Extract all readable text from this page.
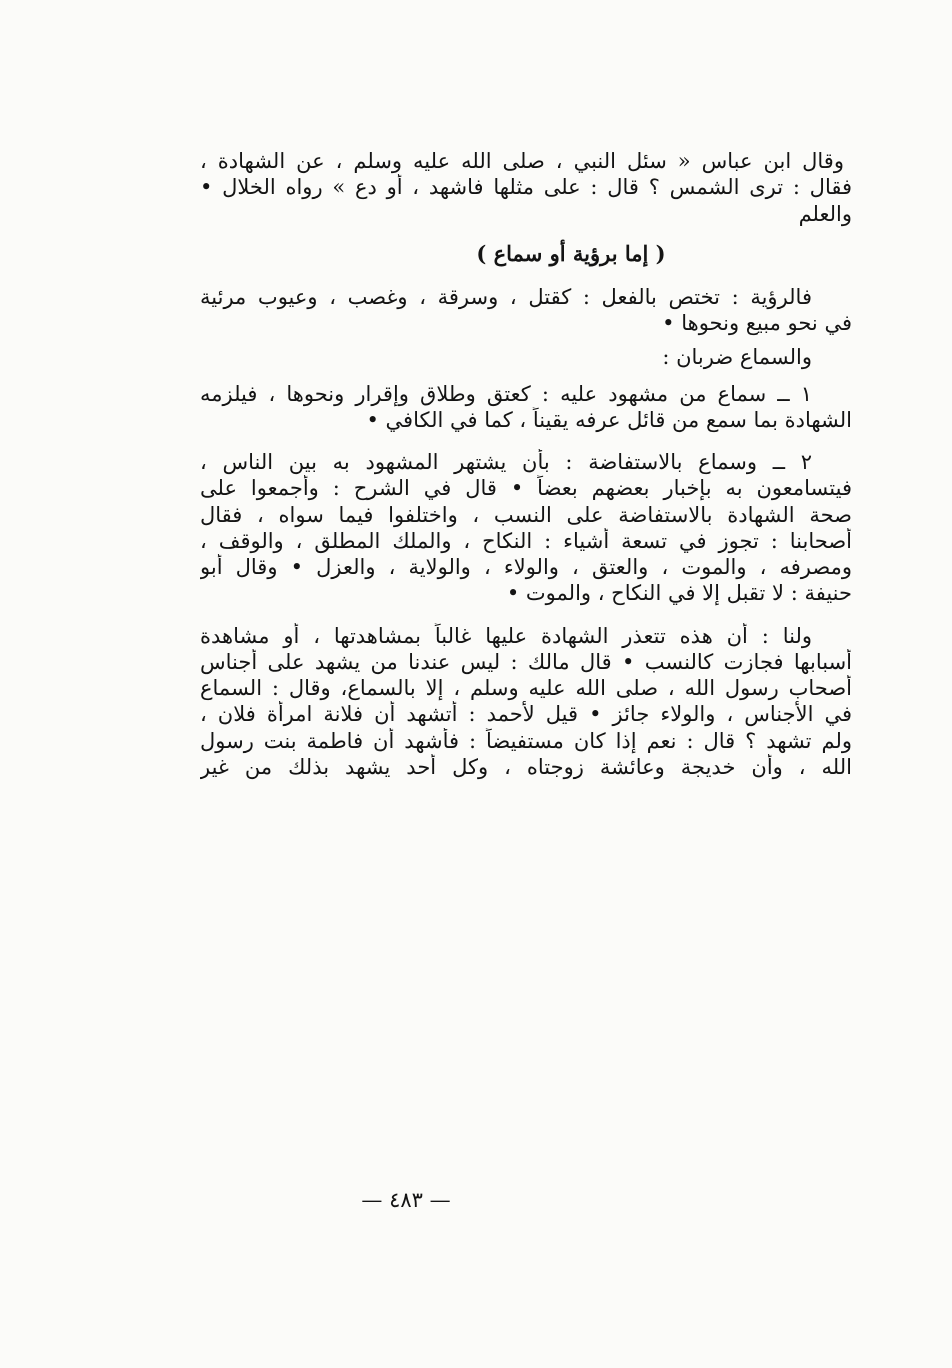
وقال ابن عباس « سئل النبي ، صلى الله عليه وسلم ، عن الشهادة ،
فقال : ترى الشمس ؟ قال : على مثلها فاشهد ، أو دع » رواه الخلال •
والعلم
( إما برؤية أو سماع )
فالرؤية : تختص بالفعل : كقتل ، وسرقة ، وغصب ، وعيوب مرئية
في نحو مبيع ونحوها •
والسماع ضربان :
١ ــ سماع من مشهود عليه : كعتق وطلاق وإقرار ونحوها ، فيلزمه
الشهادة بما سمع من قائل عرفه يقيناً ، كما في الكافي •
٢ ــ وسماع بالاستفاضة : بأن يشتهر المشهود به بين الناس ،
فيتسامعون به بإخبار بعضهم بعضاً • قال في الشرح : وأجمعوا على
صحة الشهادة بالاستفاضة على النسب ، واختلفوا فيما سواه ، فقال
أصحابنا : تجوز في تسعة أشياء : النكاح ، والملك المطلق ، والوقف ،
ومصرفه ، والموت ، والعتق ، والولاء ، والولاية ، والعزل • وقال أبو
حنيفة : لا تقبل إلا في النكاح ، والموت •
ولنا : أن هذه تتعذر الشهادة عليها غالباً بمشاهدتها ، أو مشاهدة
أسبابها فجازت كالنسب • قال مالك : ليس عندنا من يشهد على أجناس
أصحاب رسول الله ، صلى الله عليه وسلم ، إلا بالسماع، وقال : السماع
في الأجناس ، والولاء جائز • قيل لأحمد : أتشهد أن فلانة امرأة فلان ،
ولم تشهد ؟ قال : نعم إذا كان مستفيضاً : فأشهد أن فاطمة بنت رسول
الله ، وأن خديجة وعائشة زوجتاه ، وكل أحد يشهد بذلك من غير
— ٤٨٣ —
